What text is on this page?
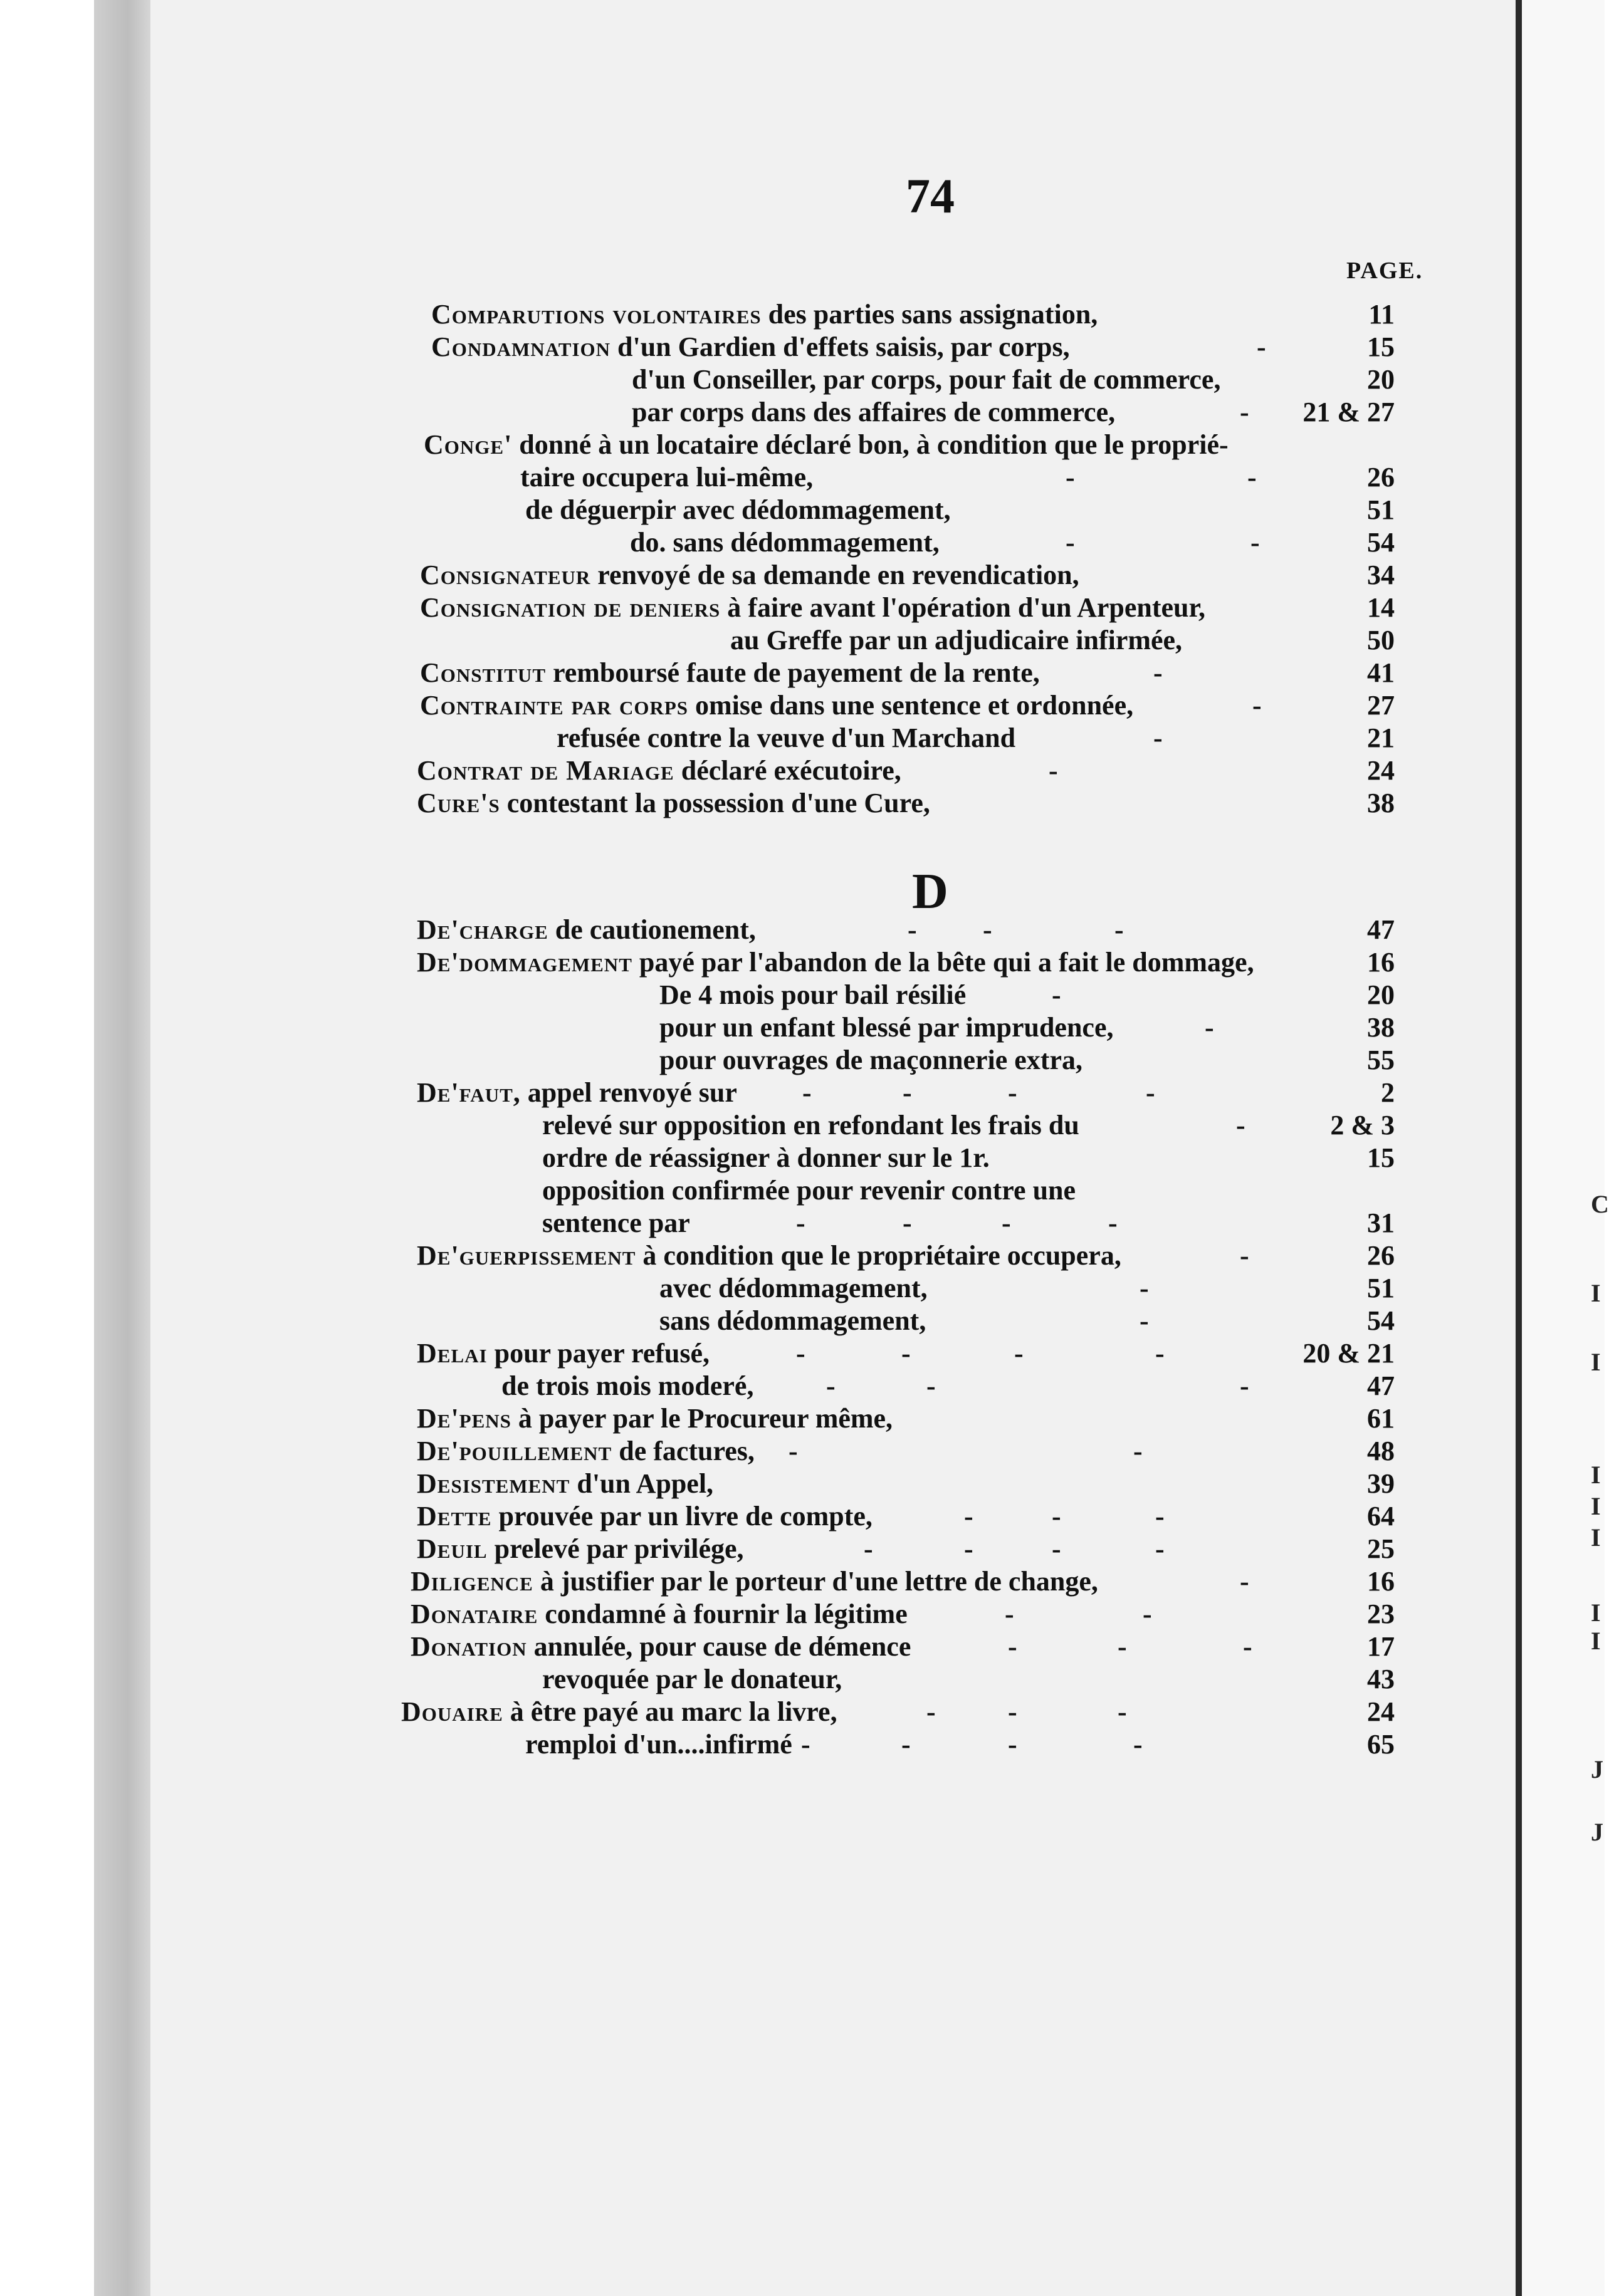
C
I
I
I
I
I
I
I
J
J
74
PAGE.
D
Comparutions volontaires des parties sans assignation,	11
Condamnation d'un Gardien d'effets saisis, par corps,	-	15
d'un Conseiller, par corps, pour fait de commerce,	20
par corps dans des affaires de commerce,	- 21 & 27
Conge' donné à un locataire déclaré bon, à condition que le proprié-
taire occupera lui-même,	-	-	26
de déguerpir avec dédommagement,	51
do. sans dédommagement,	-	-	54
Consignateur renvoyé de sa demande en revendication,	34
Consignation de deniers à faire avant l'opération d'un Arpenteur,	14
au Greffe par un adjudicaire infirmée,	50
Constitut remboursé faute de payement de la rente,	-	41
Contrainte par corps omise dans une sentence et ordonnée,	-	27
refusée contre la veuve d'un Marchand	-	21
Contrat de Mariage déclaré exécutoire,	-	24
Cure's contestant la possession d'une Cure,	38
De'charge de cautionement,	- -	-	47
De'dommagement payé par l'abandon de la bête qui a fait le dommage,	16
De 4 mois pour bail résilié	-	20
pour un enfant blessé par imprudence,	-	38
pour ouvrages de maçonnerie extra,	55
De'faut, appel renvoyé sur -	-	-	-	2
relevé sur opposition en refondant les frais du	-	2 & 3
ordre de réassigner à donner sur le 1r.	15
opposition confirmée pour revenir contre une
sentence par	-	-	-	-	31
De'guerpissement à condition que le propriétaire occupera,	-	26
avec dédommagement,	-	51
sans dédommagement,	-	54
Delai pour payer refusé,	-	-	-	-	20 & 21
de trois mois moderé,	-	-	-	47
De'pens à payer par le Procureur même,	61
De'pouillement de factures, -	-	48
Desistement d'un Appel,	39
Dette prouvée par un livre de compte,	-	-	-	64
Deuil prelevé par privilége,	-	-	-	-	25
Diligence à justifier par le porteur d'une lettre de change,	-	16
Donataire condamné à fournir la légitime	-	-	23
Donation annulée, pour cause de démence	-	-	-	17
revoquée par le donateur,	43
Douaire à être payé au marc la livre,	-	-	-	24
remploi d'un....infirmé -	-	-	-	65
